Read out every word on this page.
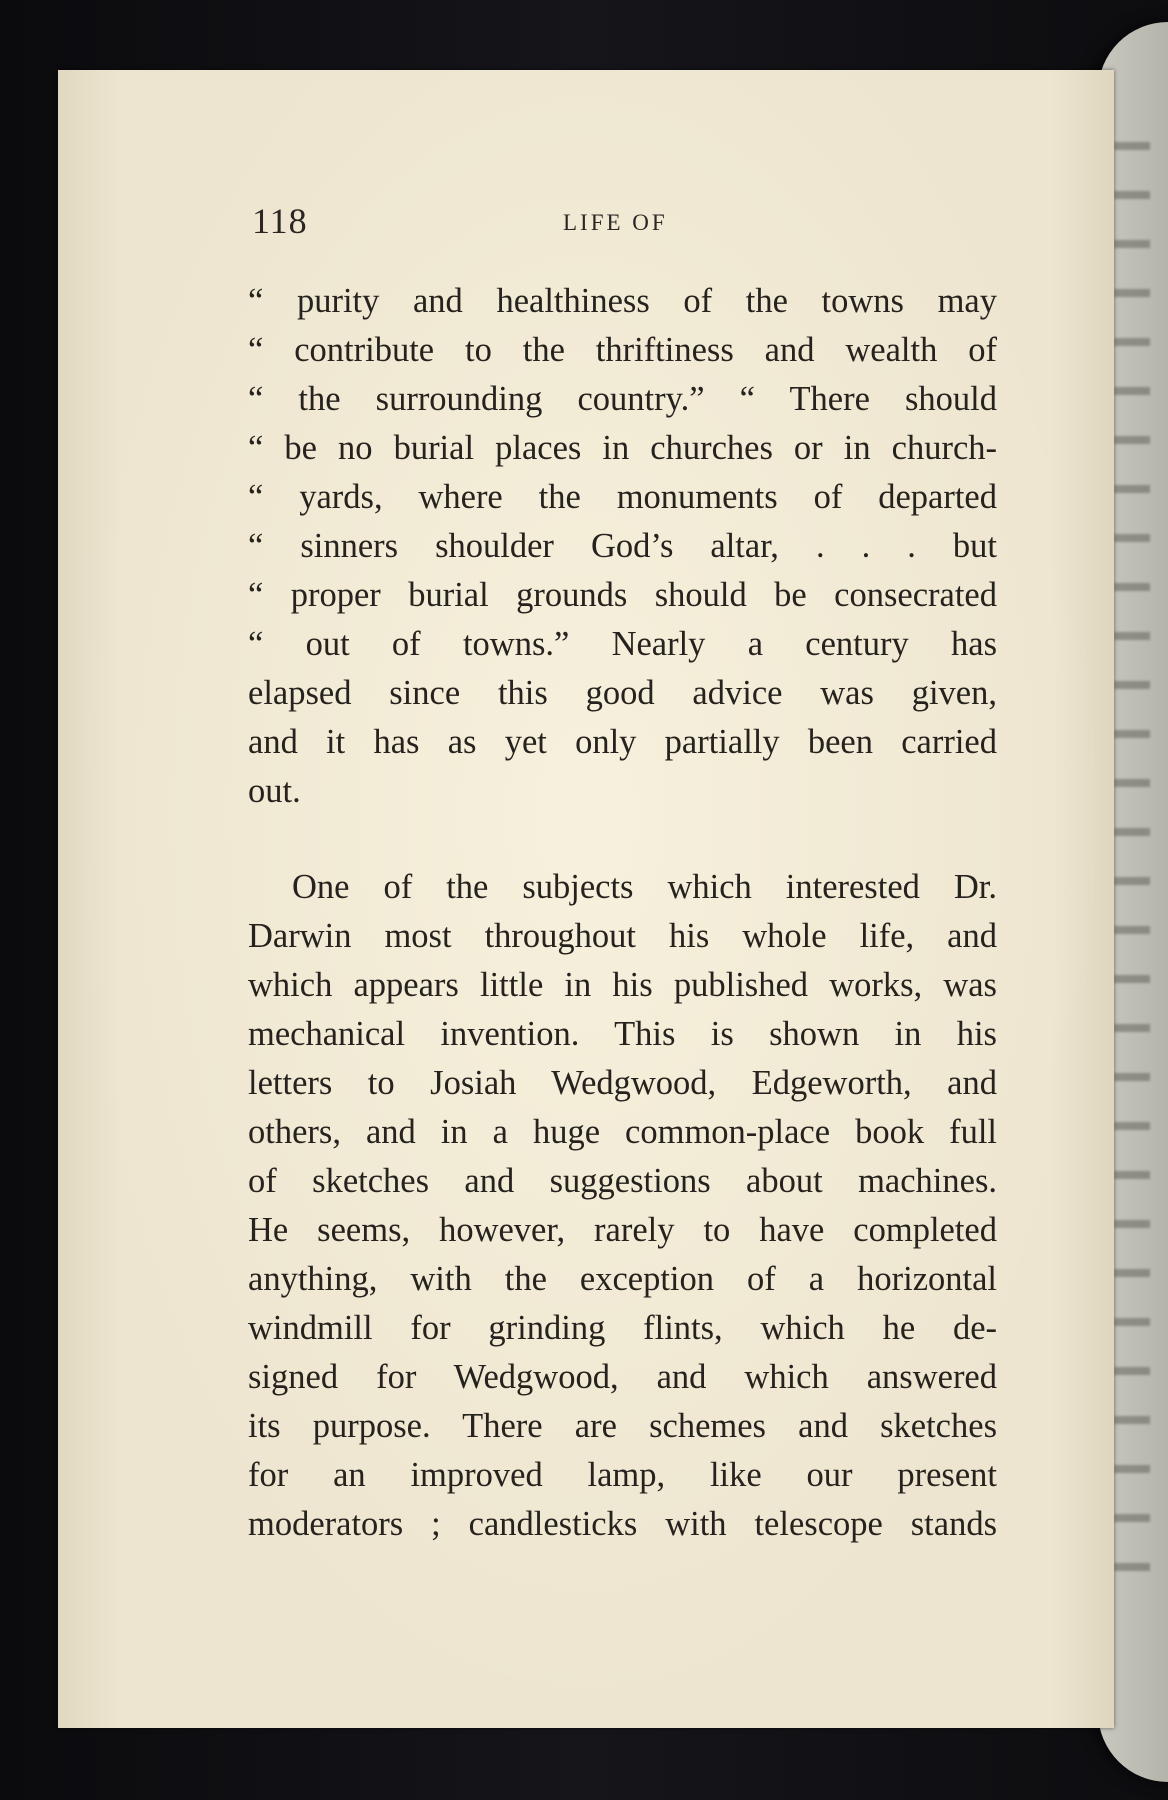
118	LIFE OF
“ purity and healthiness of the towns may
“ contribute to the thriftiness and wealth of
“ the surrounding country.” “ There should
“ be no burial places in churches or in church-
“ yards, where the monuments of departed
“ sinners shoulder God’s altar, . . . but
“ proper burial grounds should be consecrated
“ out of towns.” Nearly a century has
elapsed since this good advice was given,
and it has as yet only partially been carried
out.
One of the subjects which interested Dr.
Darwin most throughout his whole life, and
which appears little in his published works, was
mechanical invention. This is shown in his
letters to Josiah Wedgwood, Edgeworth, and
others, and in a huge common-place book full
of sketches and suggestions about machines.
He seems, however, rarely to have completed
anything, with the exception of a horizontal
windmill for grinding flints, which he de-
signed for Wedgwood, and which answered
its purpose. There are schemes and sketches
for an improved lamp, like our present
moderators ; candlesticks with telescope stands
